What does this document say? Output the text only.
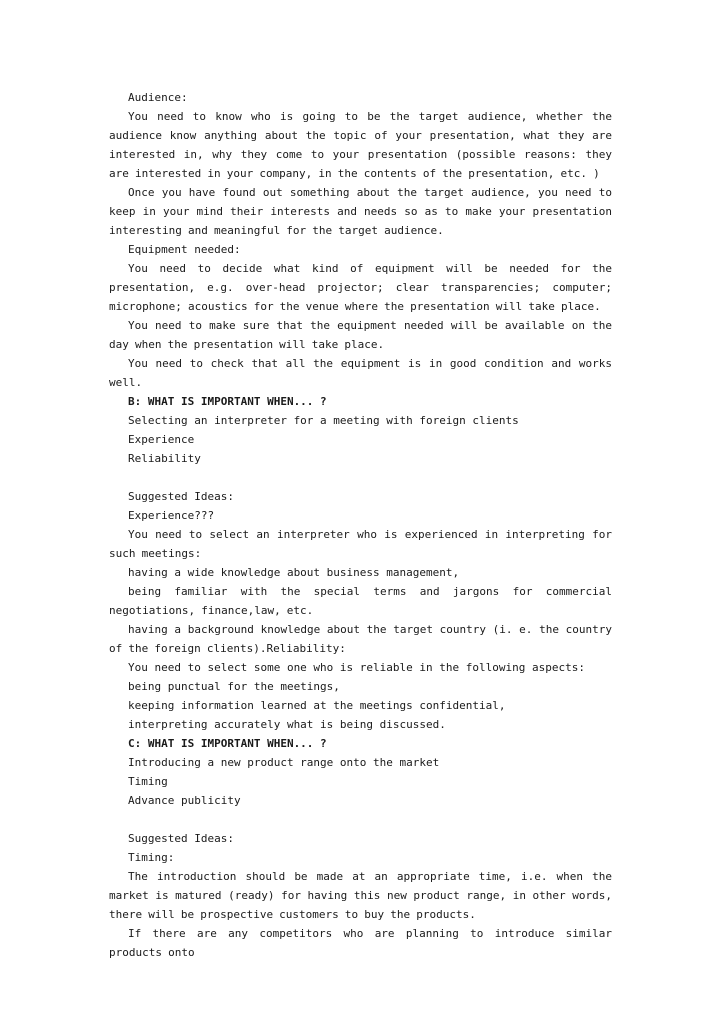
Audience:
You need to know who is going to be the target audience, whether the audience know anything about the topic of your presentation, what they are interested in, why they come to your presentation (possible reasons: they are interested in your company, in the contents of the presentation, etc. )
Once you have found out something about the target audience, you need to keep in your mind their interests and needs so as to make your presentation interesting and meaningful for the target audience.
Equipment needed:
You need to decide what kind of equipment will be needed for the presentation, e.g. over-head projector; clear transparencies; computer; microphone; acoustics for the venue where the presentation will take place.
You need to make sure that the equipment needed will be available on the day when the presentation will take place.
You need to check that all the equipment is in good condition and works well.
B: WHAT IS IMPORTANT WHEN... ?
Selecting an interpreter for a meeting with foreign clients
Experience
Reliability
Suggested Ideas:
Experience???
You need to select an interpreter who is experienced in interpreting for such meetings:
having a wide knowledge about business management,
being familiar with the special terms and jargons for commercial negotiations, finance,law, etc.
having a background knowledge about the target country (i. e. the country of the foreign clients).Reliability:
You need to select some one who is reliable in the following aspects:
being punctual for the meetings,
keeping information learned at the meetings confidential,
interpreting accurately what is being discussed.
C: WHAT IS IMPORTANT WHEN... ?
Introducing a new product range onto the market
Timing
Advance publicity
Suggested Ideas:
Timing:
The introduction should be made at an appropriate time, i.e. when the market is matured (ready) for having this new product range, in other words, there will be prospective customers to buy the products.
If there are any competitors who are planning to introduce similar products onto
